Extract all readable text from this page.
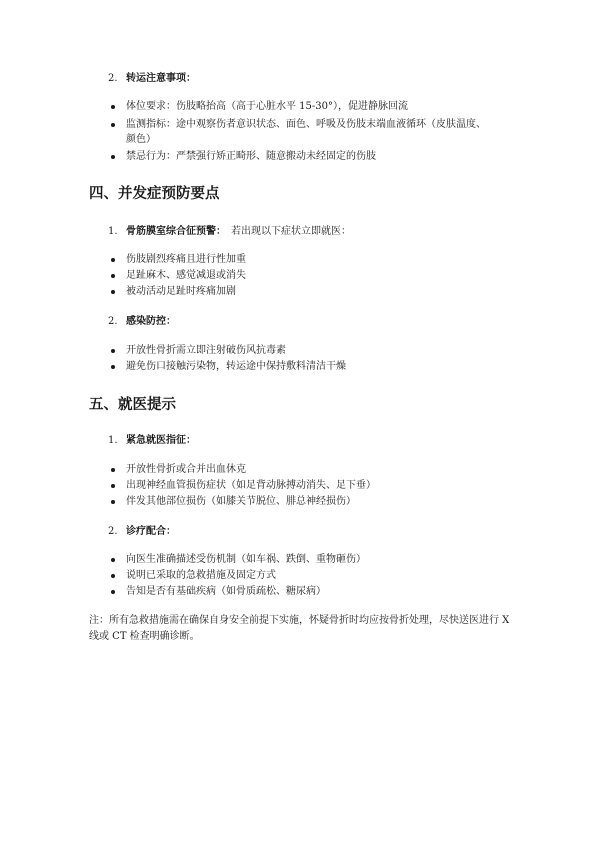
2. 转运注意事项：
体位要求：伤肢略抬高（高于心脏水平 15-30°），促进静脉回流
监测指标：途中观察伤者意识状态、面色、呼吸及伤肢末端血液循环（皮肤温度、
颜色）
禁忌行为：严禁强行矫正畸形、随意搬动未经固定的伤肢
四、并发症预防要点
1. 骨筋膜室综合征预警： 若出现以下症状立即就医：
伤肢剧烈疼痛且进行性加重
足趾麻木、感觉减退或消失
被动活动足趾时疼痛加剧
2. 感染防控：
开放性骨折需立即注射破伤风抗毒素
避免伤口接触污染物，转运途中保持敷料清洁干燥
五、就医提示
1. 紧急就医指征：
开放性骨折或合并出血休克
出现神经血管损伤症状（如足背动脉搏动消失、足下垂）
伴发其他部位损伤（如膝关节脱位、腓总神经损伤）
2. 诊疗配合：
向医生准确描述受伤机制（如车祸、跌倒、重物砸伤）
说明已采取的急救措施及固定方式
告知是否有基础疾病（如骨质疏松、糖尿病）
注：所有急救措施需在确保自身安全前提下实施，怀疑骨折时均应按骨折处理，尽快送医进行 X 线或 CT 检查明确诊断。
